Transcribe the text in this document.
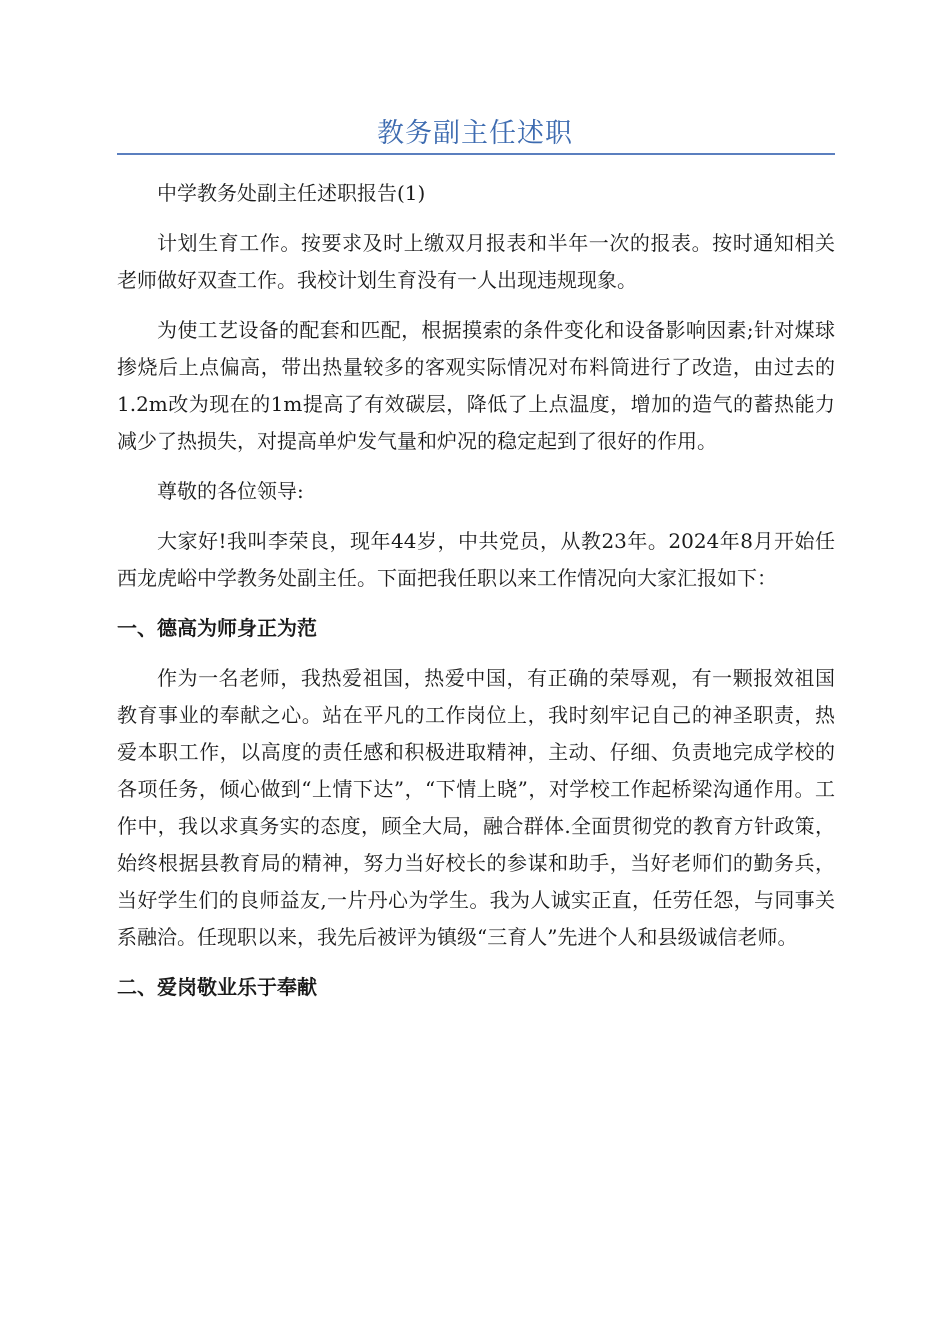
教务副主任述职

中学教务处副主任述职报告(1)

计划生育工作。按要求及时上缴双月报表和半年一次的报表。按时通知相关老师做好双查工作。我校计划生育没有一人出现违规现象。

为使工艺设备的配套和匹配，根据摸索的条件变化和设备影响因素;针对煤球掺烧后上点偏高，带出热量较多的客观实际情况对布料筒进行了改造，由过去的1.2m改为现在的1m提高了有效碳层，降低了上点温度，增加的造气的蓄热能力减少了热损失，对提高单炉发气量和炉况的稳定起到了很好的作用。

尊敬的各位领导:

大家好!我叫李荣良，现年44岁，中共党员，从教23年。2024年8月开始任西龙虎峪中学教务处副主任。下面把我任职以来工作情况向大家汇报如下：

一、德高为师身正为范

作为一名老师，我热爱祖国，热爱中国，有正确的荣辱观，有一颗报效祖国教育事业的奉献之心。站在平凡的工作岗位上，我时刻牢记自己的神圣职责，热爱本职工作，以高度的责任感和积极进取精神，主动、仔细、负责地完成学校的各项任务，倾心做到“上情下达”，“下情上晓”，对学校工作起桥梁沟通作用。工作中，我以求真务实的态度，顾全大局，融合群体.全面贯彻党的教育方针政策，始终根据县教育局的精神，努力当好校长的参谋和助手，当好老师们的勤务兵，当好学生们的良师益友,一片丹心为学生。我为人诚实正直，任劳任怨，与同事关系融洽。任现职以来，我先后被评为镇级“三育人”先进个人和县级诚信老师。

二、爱岗敬业乐于奉献
